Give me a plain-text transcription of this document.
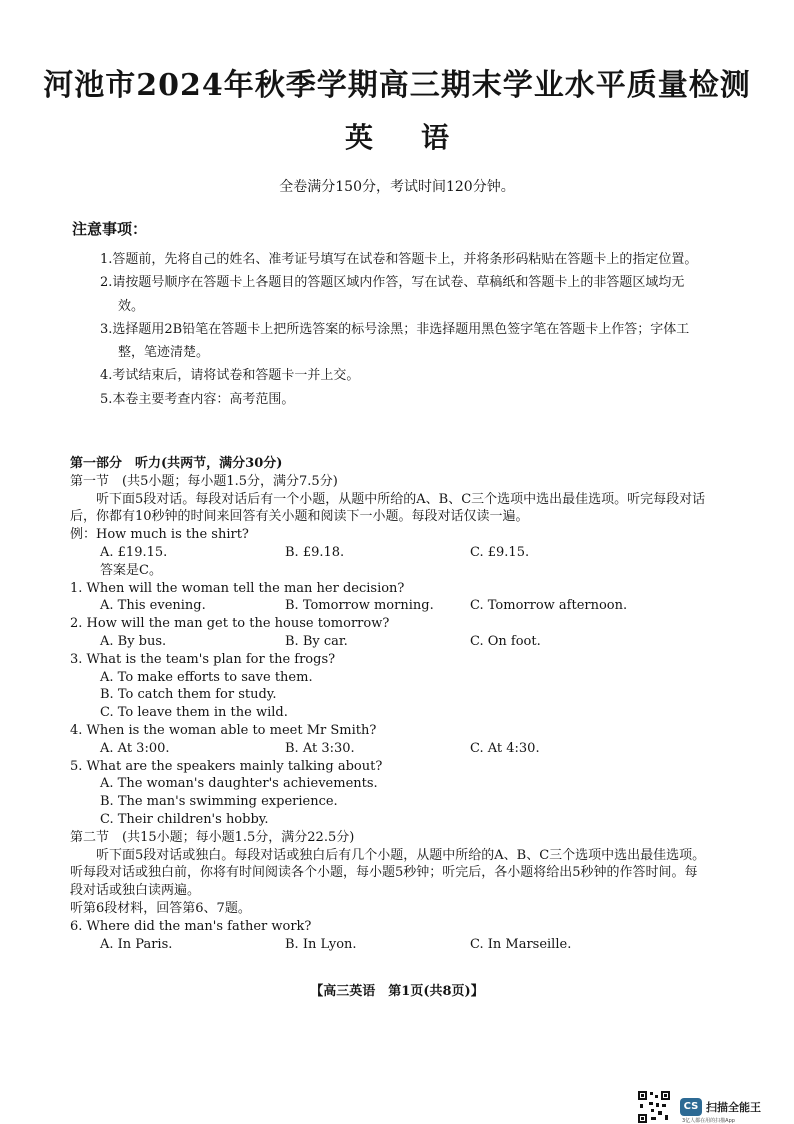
河池市2024年秋季学期高三期末学业水平质量检测
英语
全卷满分150分，考试时间120分钟。
注意事项：

1.答题前，先将自己的姓名、准考证号填写在试卷和答题卡上，并将条形码粘贴在答题卡上的指定位置。

2.请按题号顺序在答题卡上各题目的答题区域内作答，写在试卷、草稿纸和答题卡上的非答题区域均无效。

3.选择题用2B铅笔在答题卡上把所选答案的标号涂黑；非选择题用黑色签字笔在答题卡上作答；字体工整，笔迹清楚。

4.考试结束后，请将试卷和答题卡一并上交。

5.本卷主要考查内容：高考范围。

第一部分　听力(共两节，满分30分)

第一节　(共5小题；每小题1.5分，满分7.5分)

听下面5段对话。每段对话后有一个小题，从题中所给的A、B、C三个选项中选出最佳选项。听完每段对话后，你都有10秒钟的时间来回答有关小题和阅读下一小题。每段对话仅读一遍。

例：How much is the shirt?

A. £19.15.	B. £9.18.	C. £9.15.

答案是C。

1. When will the woman tell the man her decision?

A. This evening.	B. Tomorrow morning.	C. Tomorrow afternoon.

2. How will the man get to the house tomorrow?

A. By bus.	B. By car.	C. On foot.

3. What is the team's plan for the frogs?

A. To make efforts to save them.

B. To catch them for study.

C. To leave them in the wild.

4. When is the woman able to meet Mr Smith?

A. At 3:00.	B. At 3:30.	C. At 4:30.

5. What are the speakers mainly talking about?

A. The woman's daughter's achievements.

B. The man's swimming experience.

C. Their children's hobby.

第二节　(共15小题；每小题1.5分，满分22.5分)

听下面5段对话或独白。每段对话或独白后有几个小题，从题中所给的A、B、C三个选项中选出最佳选项。听每段对话或独白前，你将有时间阅读各个小题，每小题5秒钟；听完后，各小题将给出5秒钟的作答时间。每段对话或独白读两遍。

听第6段材料，回答第6、7题。

6. Where did the man's father work?

A. In Paris.	B. In Lyon.	C. In Marseille.
【高三英语　第1页(共8页)】
CS 扫描全能王
3亿人都在用的扫描App
